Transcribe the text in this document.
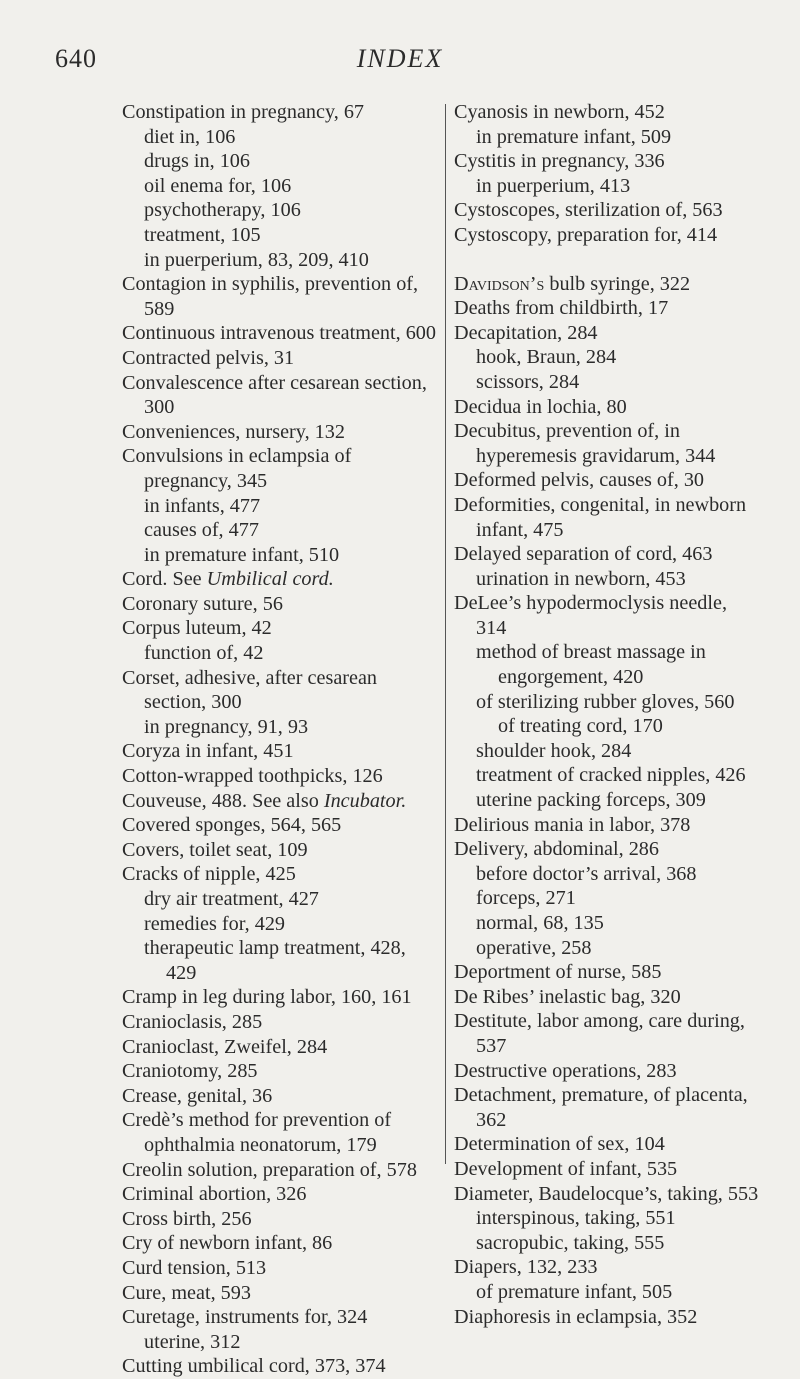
640	INDEX
Constipation in pregnancy, 67
diet in, 106
drugs in, 106
oil enema for, 106
psychotherapy, 106
treatment, 105
in puerperium, 83, 209, 410
Contagion in syphilis, prevention of, 589
Continuous intravenous treatment, 600
Contracted pelvis, 31
Convalescence after cesarean section, 300
Conveniences, nursery, 132
Convulsions in eclampsia of pregnancy, 345
in infants, 477
causes of, 477
in premature infant, 510
Cord. See Umbilical cord.
Coronary suture, 56
Corpus luteum, 42
function of, 42
Corset, adhesive, after cesarean section, 300
in pregnancy, 91, 93
Coryza in infant, 451
Cotton-wrapped toothpicks, 126
Couveuse, 488. See also Incubator.
Covered sponges, 564, 565
Covers, toilet seat, 109
Cracks of nipple, 425
dry air treatment, 427
remedies for, 429
therapeutic lamp treatment, 428, 429
Cramp in leg during labor, 160, 161
Cranioclasis, 285
Cranioclast, Zweifel, 284
Craniotomy, 285
Crease, genital, 36
Credè’s method for prevention of ophthalmia neonatorum, 179
Creolin solution, preparation of, 578
Criminal abortion, 326
Cross birth, 256
Cry of newborn infant, 86
Curd tension, 513
Cure, meat, 593
Curetage, instruments for, 324
uterine, 312
Cutting umbilical cord, 373, 374
Cyanosis in newborn, 452
in premature infant, 509
Cystitis in pregnancy, 336
in puerperium, 413
Cystoscopes, sterilization of, 563
Cystoscopy, preparation for, 414
Davidson’s bulb syringe, 322
Deaths from childbirth, 17
Decapitation, 284
hook, Braun, 284
scissors, 284
Decidua in lochia, 80
Decubitus, prevention of, in hyperemesis gravidarum, 344
Deformed pelvis, causes of, 30
Deformities, congenital, in newborn infant, 475
Delayed separation of cord, 463
urination in newborn, 453
DeLee’s hypodermoclysis needle, 314
method of breast massage in engorgement, 420
of sterilizing rubber gloves, 560
of treating cord, 170
shoulder hook, 284
treatment of cracked nipples, 426
uterine packing forceps, 309
Delirious mania in labor, 378
Delivery, abdominal, 286
before doctor’s arrival, 368
forceps, 271
normal, 68, 135
operative, 258
Deportment of nurse, 585
De Ribes’ inelastic bag, 320
Destitute, labor among, care during, 537
Destructive operations, 283
Detachment, premature, of placenta, 362
Determination of sex, 104
Development of infant, 535
Diameter, Baudelocque’s, taking, 553
interspinous, taking, 551
sacropubic, taking, 555
Diapers, 132, 233
of premature infant, 505
Diaphoresis in eclampsia, 352
